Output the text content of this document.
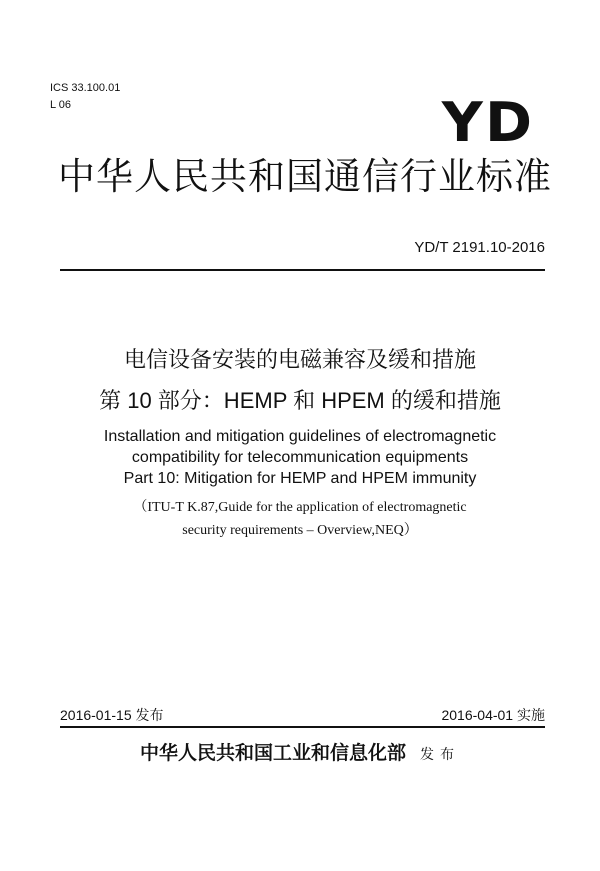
ICS 33.100.01
L 06	YD
中华人民共和国通信行业标准
YD/T 2191.10-2016
电信设备安装的电磁兼容及缓和措施
第 10 部分：HEMP 和 HPEM 的缓和措施
Installation and mitigation guidelines of electromagnetic
compatibility for telecommunication equipments
Part 10: Mitigation for HEMP and HPEM immunity
（ITU-T K.87,Guide for the application of electromagnetic
security requirements – Overview,NEQ）
2016-01-15 发布	2016-04-01 实施
中华人民共和国工业和信息化部 发布
